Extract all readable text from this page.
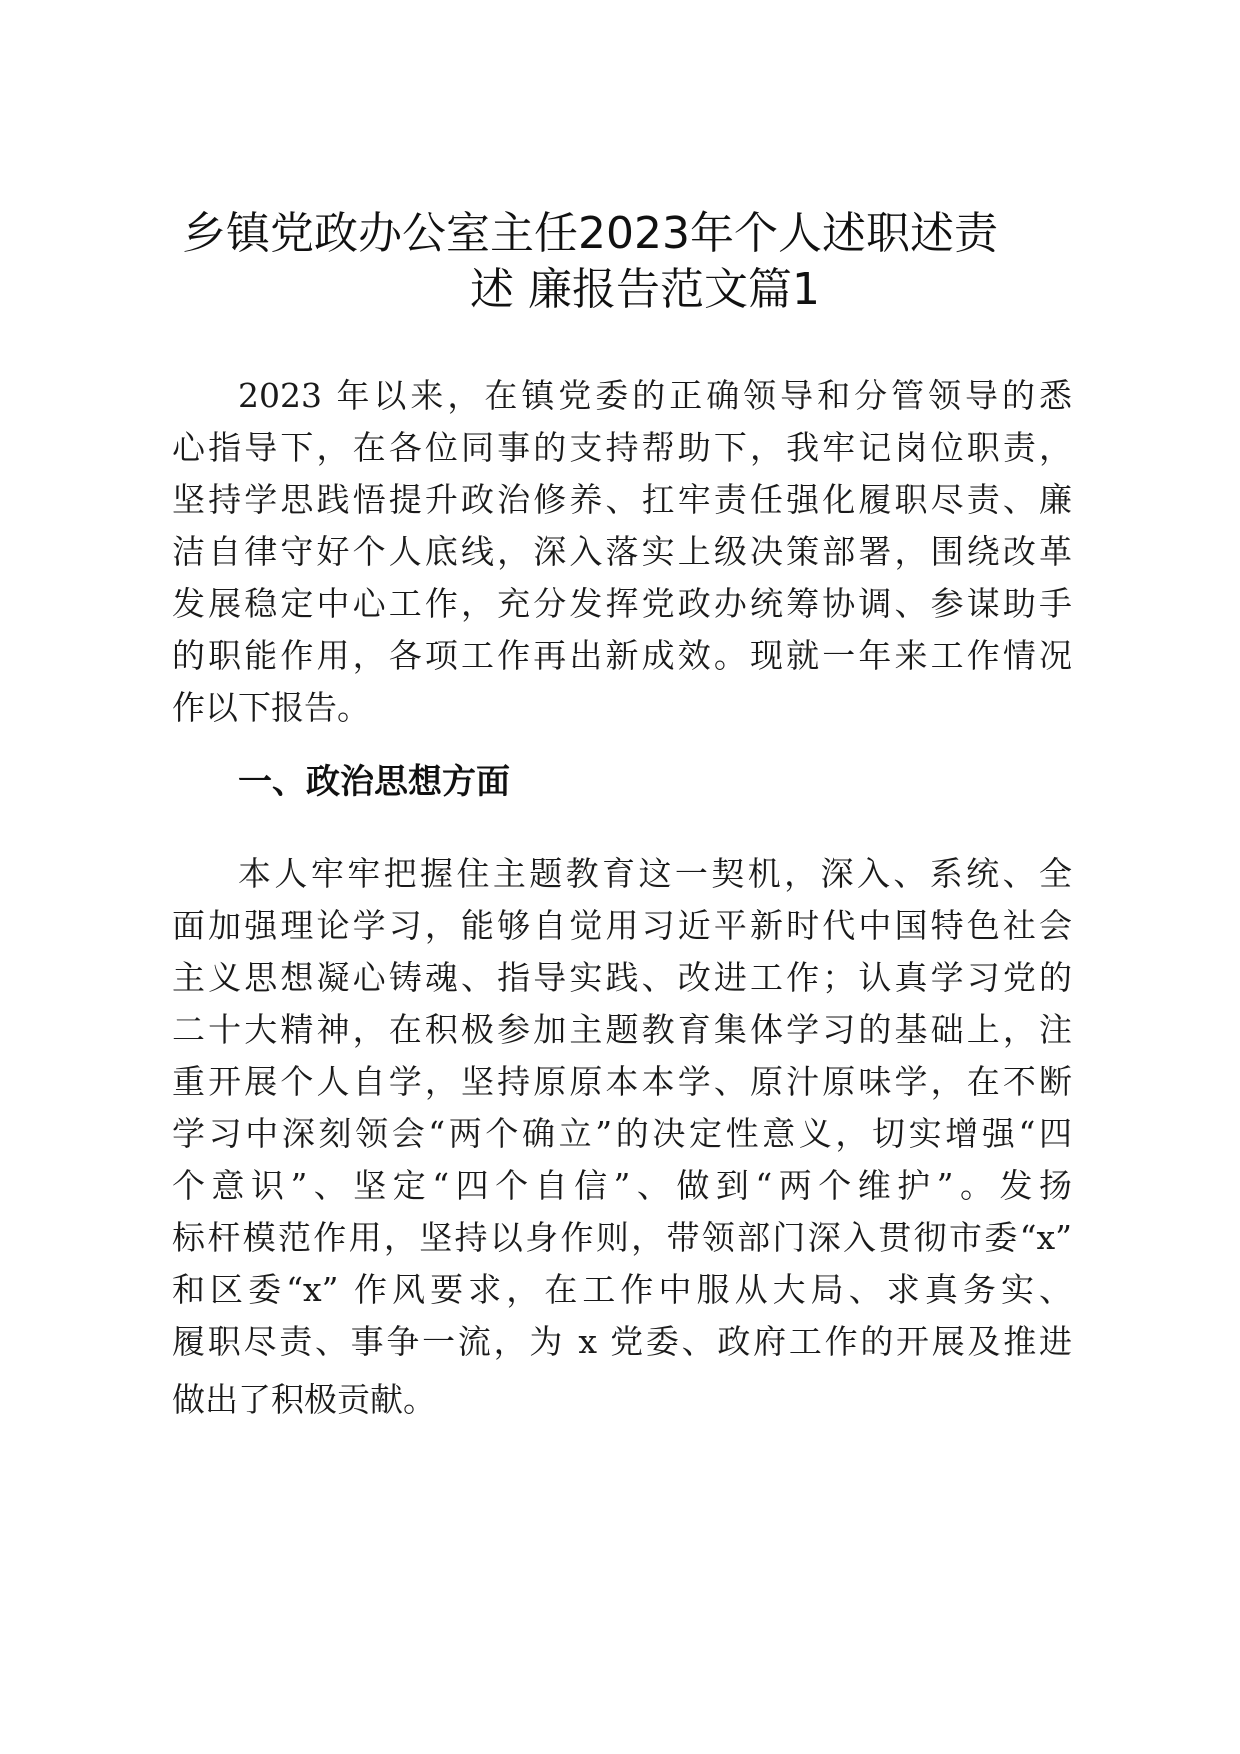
乡镇党政办公室主任2023年个人述职述责
述 廉报告范文篇1
2023 年以来，在镇党委的正确领导和分管领导的悉
心指导下，在各位同事的支持帮助下，我牢记岗位职责，
坚持学思践悟提升政治修养、扛牢责任强化履职尽责、廉
洁自律守好个人底线，深入落实上级决策部署，围绕改革
发展稳定中心工作，充分发挥党政办统筹协调、参谋助手
的职能作用，各项工作再出新成效。现就一年来工作情况
作以下报告。
一、政治思想方面
本人牢牢把握住主题教育这一契机，深入、系统、全
面加强理论学习，能够自觉用习近平新时代中国特色社会
主义思想凝心铸魂、指导实践、改进工作；认真学习党的
二十大精神，在积极参加主题教育集体学习的基础上，注
重开展个人自学，坚持原原本本学、原汁原味学，在不断
学习中深刻领会“两个确立”的决定性意义，切实增强“四
个意识”、坚定“四个自信”、做到“两个维护”。发扬
标杆模范作用，坚持以身作则，带领部门深入贯彻市委“x”
和区委“x” 作风要求，在工作中服从大局、求真务实、
履职尽责、事争一流，为 x 党委、政府工作的开展及推进
做出了积极贡献。
